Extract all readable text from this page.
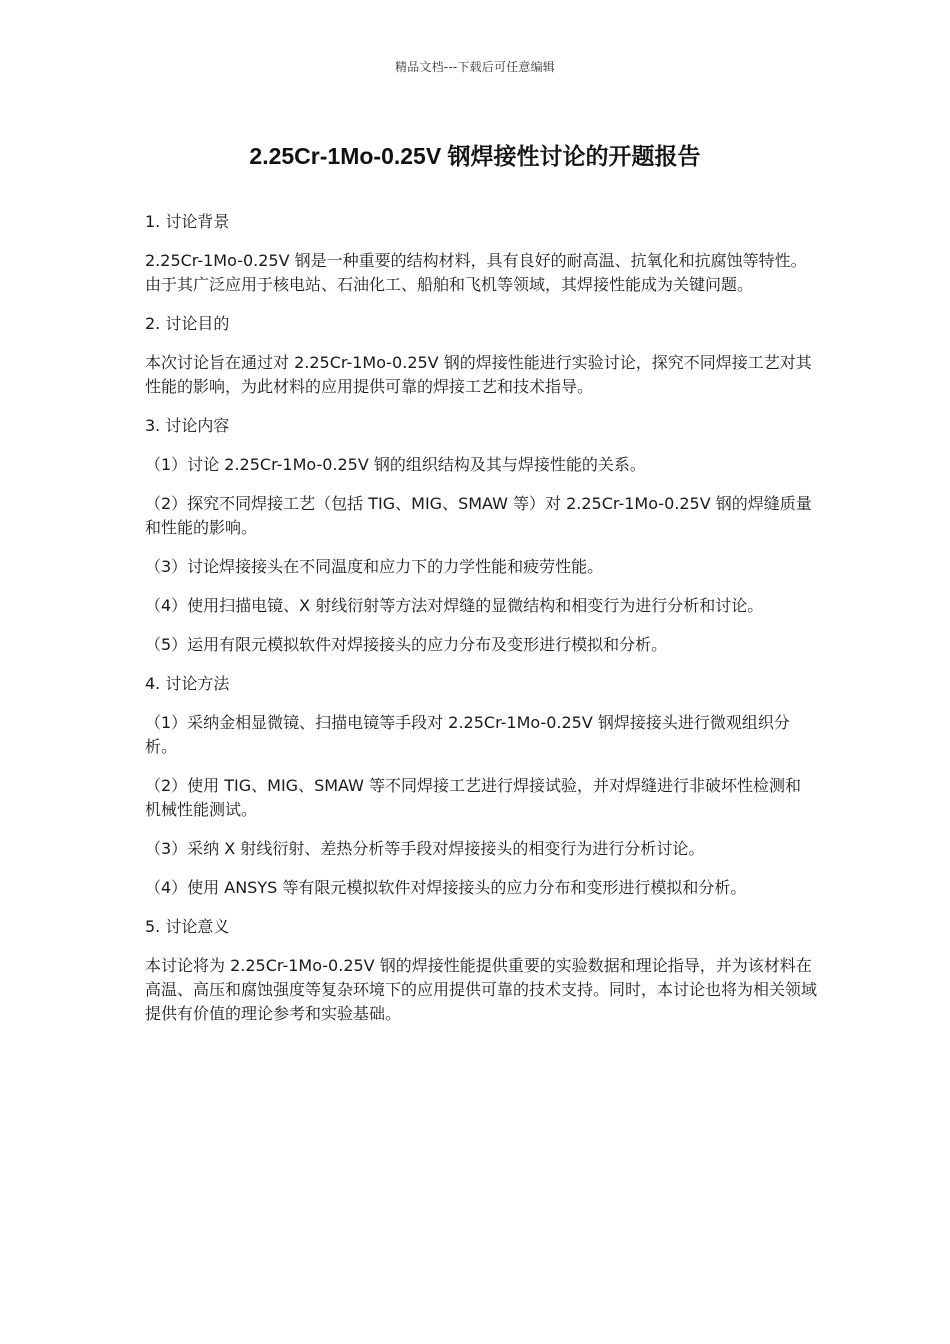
精品文档---下载后可任意编辑
2.25Cr-1Mo-0.25V 钢焊接性讨论的开题报告

1. 讨论背景

2.25Cr-1Mo-0.25V 钢是一种重要的结构材料，具有良好的耐高温、抗氧化和抗腐蚀等特性。由于其广泛应用于核电站、石油化工、船舶和飞机等领域，其焊接性能成为关键问题。

2. 讨论目的

本次讨论旨在通过对 2.25Cr-1Mo-0.25V 钢的焊接性能进行实验讨论，探究不同焊接工艺对其性能的影响，为此材料的应用提供可靠的焊接工艺和技术指导。

3. 讨论内容

（1）讨论 2.25Cr-1Mo-0.25V 钢的组织结构及其与焊接性能的关系。

（2）探究不同焊接工艺（包括 TIG、MIG、SMAW 等）对 2.25Cr-1Mo-0.25V 钢的焊缝质量和性能的影响。

（3）讨论焊接接头在不同温度和应力下的力学性能和疲劳性能。

（4）使用扫描电镜、X 射线衍射等方法对焊缝的显微结构和相变行为进行分析和讨论。

（5）运用有限元模拟软件对焊接接头的应力分布及变形进行模拟和分析。

4. 讨论方法

（1）采纳金相显微镜、扫描电镜等手段对 2.25Cr-1Mo-0.25V 钢焊接接头进行微观组织分析。

（2）使用 TIG、MIG、SMAW 等不同焊接工艺进行焊接试验，并对焊缝进行非破坏性检测和机械性能测试。

（3）采纳 X 射线衍射、差热分析等手段对焊接接头的相变行为进行分析讨论。

（4）使用 ANSYS 等有限元模拟软件对焊接接头的应力分布和变形进行模拟和分析。

5. 讨论意义

本讨论将为 2.25Cr-1Mo-0.25V 钢的焊接性能提供重要的实验数据和理论指导，并为该材料在高温、高压和腐蚀强度等复杂环境下的应用提供可靠的技术支持。同时，本讨论也将为相关领域提供有价值的理论参考和实验基础。
